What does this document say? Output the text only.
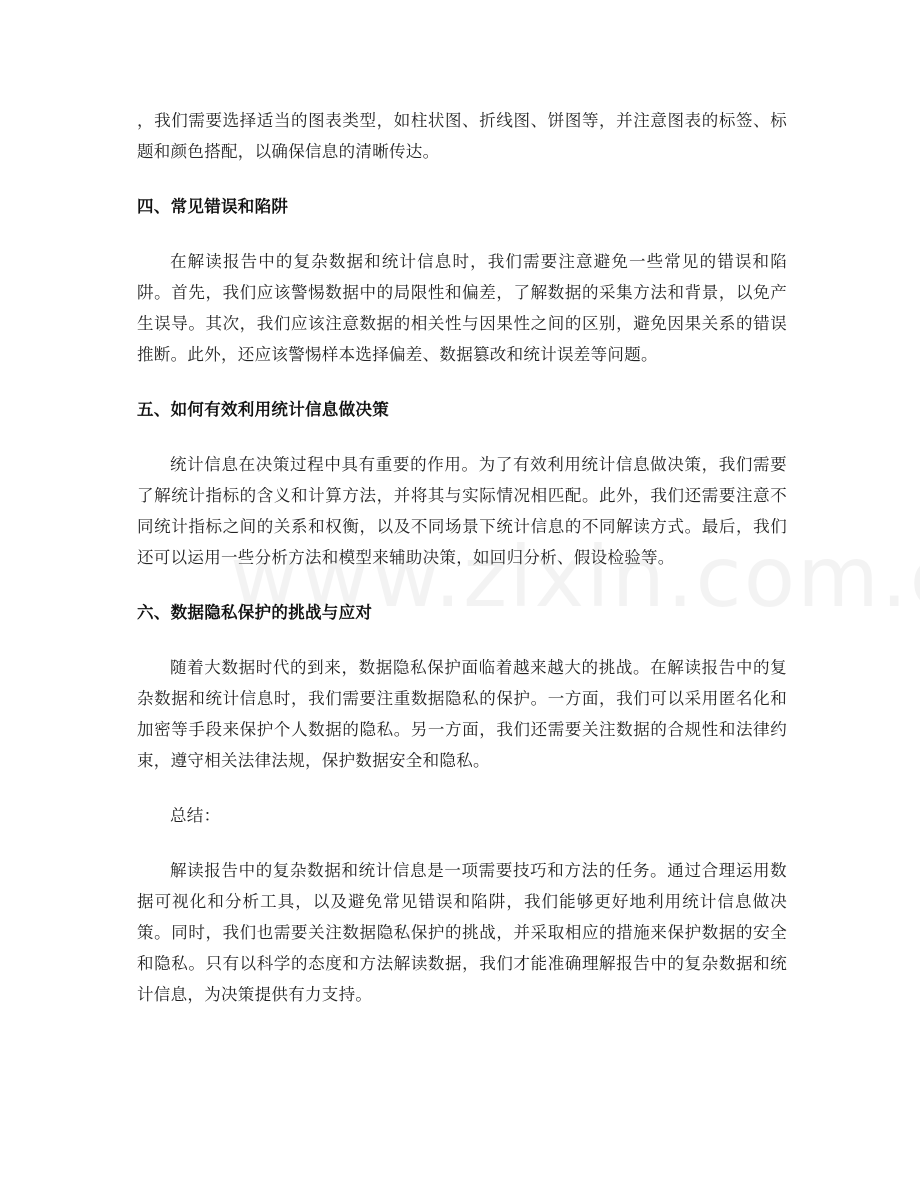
，我们需要选择适当的图表类型，如柱状图、折线图、饼图等，并注意图表的标签、标题和颜色搭配，以确保信息的清晰传达。

四、常见错误和陷阱

在解读报告中的复杂数据和统计信息时，我们需要注意避免一些常见的错误和陷阱。首先，我们应该警惕数据中的局限性和偏差，了解数据的采集方法和背景，以免产生误导。其次，我们应该注意数据的相关性与因果性之间的区别，避免因果关系的错误推断。此外，还应该警惕样本选择偏差、数据篡改和统计误差等问题。

五、如何有效利用统计信息做决策

统计信息在决策过程中具有重要的作用。为了有效利用统计信息做决策，我们需要了解统计指标的含义和计算方法，并将其与实际情况相匹配。此外，我们还需要注意不同统计指标之间的关系和权衡，以及不同场景下统计信息的不同解读方式。最后，我们还可以运用一些分析方法和模型来辅助决策，如回归分析、假设检验等。

六、数据隐私保护的挑战与应对

随着大数据时代的到来，数据隐私保护面临着越来越大的挑战。在解读报告中的复杂数据和统计信息时，我们需要注重数据隐私的保护。一方面，我们可以采用匿名化和加密等手段来保护个人数据的隐私。另一方面，我们还需要关注数据的合规性和法律约束，遵守相关法律法规，保护数据安全和隐私。

总结：

解读报告中的复杂数据和统计信息是一项需要技巧和方法的任务。通过合理运用数据可视化和分析工具，以及避免常见错误和陷阱，我们能够更好地利用统计信息做决策。同时，我们也需要关注数据隐私保护的挑战，并采取相应的措施来保护数据的安全和隐私。只有以科学的态度和方法解读数据，我们才能准确理解报告中的复杂数据和统计信息，为决策提供有力支持。
